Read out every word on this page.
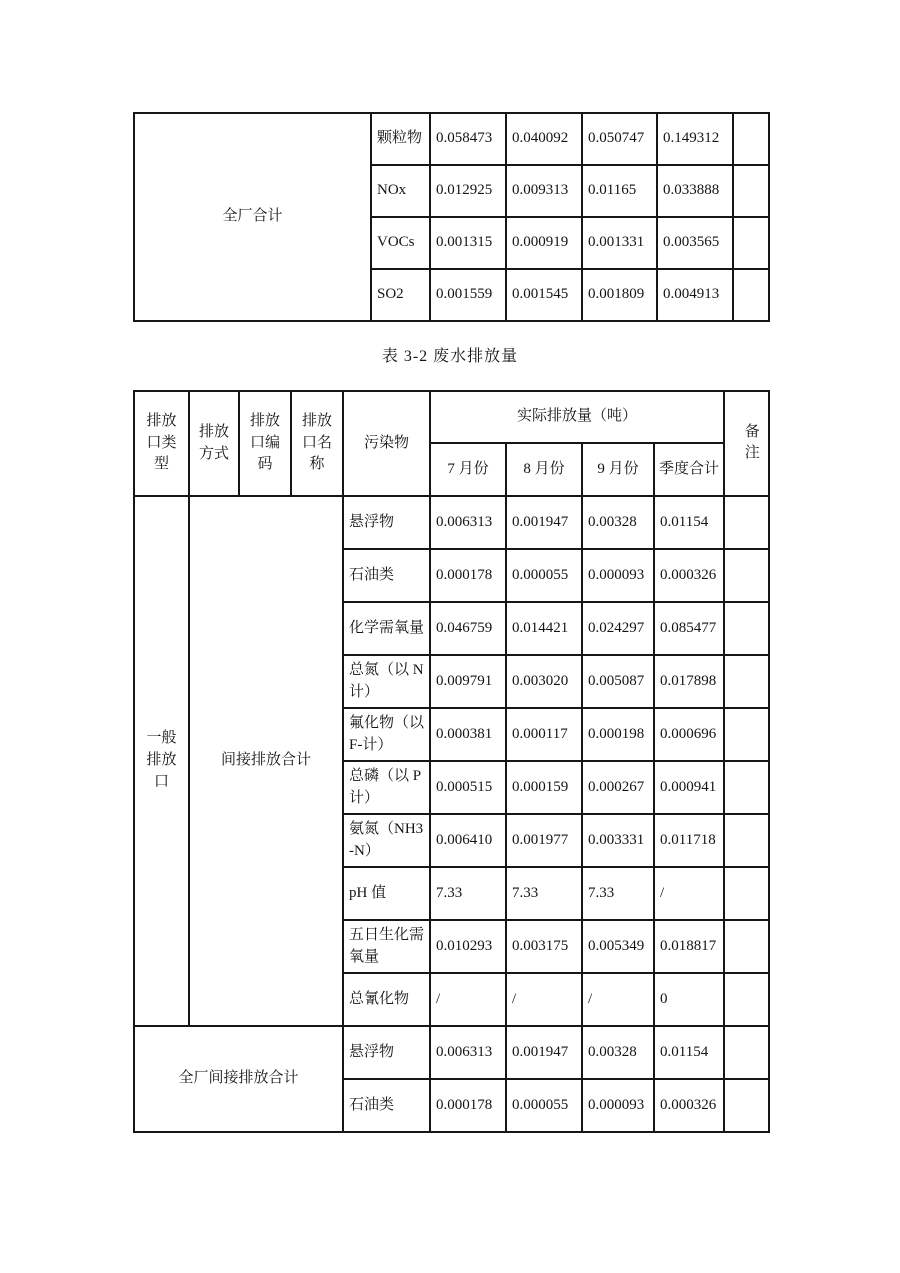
全厂合计	颗粒物	0.058473	0.040092	0.050747	0.149312	
	NOx	0.012925	0.009313	0.01165	0.033888	
	VOCs	0.001315	0.000919	0.001331	0.003565	
	SO2	0.001559	0.001545	0.001809	0.004913	
表 3-2 废水排放量
排放口类型	排放方式	排放口编码	排放口名称	污染物	实际排放量（吨）				备注

					7 月份	8 月份	9 月份	季度合计	
一般排放口	间接排放合计			悬浮物	0.006313	0.001947	0.00328	0.01154	
				石油类	0.000178	0.000055	0.000093	0.000326	
				化学需氧量	0.046759	0.014421	0.024297	0.085477	
				总氮（以 N 计）	0.009791	0.003020	0.005087	0.017898	
				氟化物（以 F-计）	0.000381	0.000117	0.000198	0.000696	
				总磷（以 P 计）	0.000515	0.000159	0.000267	0.000941	
				氨氮（NH3-N）	0.006410	0.001977	0.003331	0.011718	
				pH 值	7.33	7.33	7.33	/	
				五日生化需氧量	0.010293	0.003175	0.005349	0.018817	
				总氰化物	/	/	/	0	
全厂间接排放合计				悬浮物	0.006313	0.001947	0.00328	0.01154	
				石油类	0.000178	0.000055	0.000093	0.000326	
